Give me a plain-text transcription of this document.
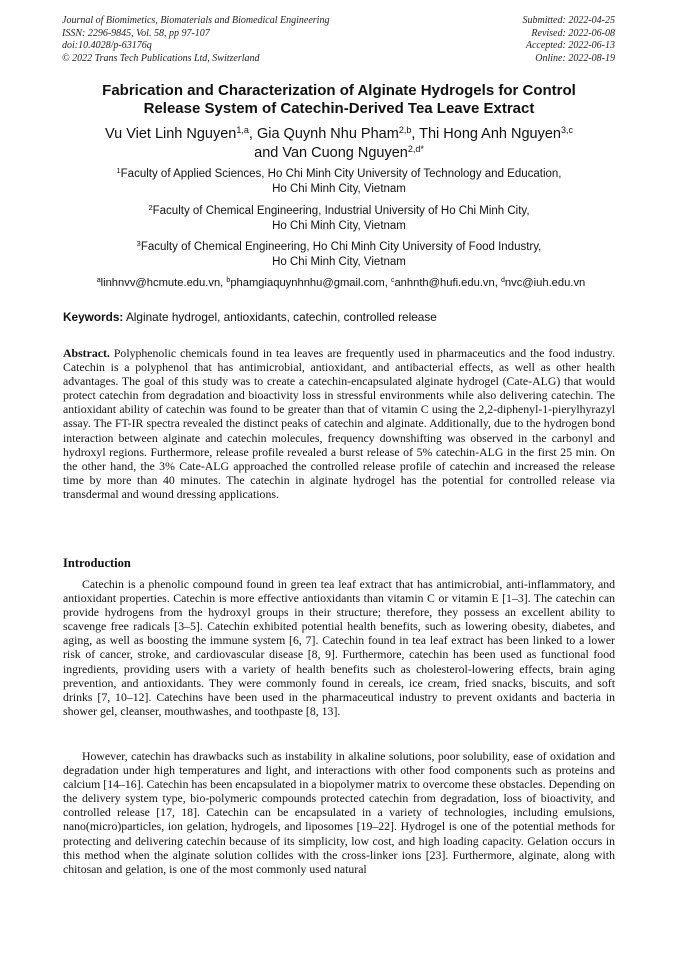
Journal of Biomimetics, Biomaterials and Biomedical Engineering
ISSN: 2296-9845, Vol. 58, pp 97-107
doi:10.4028/p-63176q
© 2022 Trans Tech Publications Ltd, Switzerland
Submitted: 2022-04-25
Revised: 2022-06-08
Accepted: 2022-06-13
Online: 2022-08-19
Fabrication and Characterization of Alginate Hydrogels for Control
Release System of Catechin-Derived Tea Leave Extract
Vu Viet Linh Nguyen$^{1,a}$, Gia Quynh Nhu Pham$^{2,b}$, Thi Hong Anh Nguyen$^{3,c}$
and Van Cuong Nguyen$^{2,d*}$
$^1$Faculty of Applied Sciences, Ho Chi Minh City University of Technology and Education,
Ho Chi Minh City, Vietnam
$^2$Faculty of Chemical Engineering, Industrial University of Ho Chi Minh City,
Ho Chi Minh City, Vietnam
$^3$Faculty of Chemical Engineering, Ho Chi Minh City University of Food Industry,
Ho Chi Minh City, Vietnam
$^a$linhnvv@hcmute.edu.vn, $^b$phamgiaquynhnhu@gmail.com, $^c$anhnth@hufi.edu.vn, $^d$nvc@iuh.edu.vn
Keywords: Alginate hydrogel, antioxidants, catechin, controlled release
Abstract. Polyphenolic chemicals found in tea leaves are frequently used in pharmaceutics and the food industry. Catechin is a polyphenol that has antimicrobial, antioxidant, and antibacterial effects, as well as other health advantages. The goal of this study was to create a catechin-encapsulated alginate hydrogel (Cate-ALG) that would protect catechin from degradation and bioactivity loss in stressful environments while also delivering catechin. The antioxidant ability of catechin was found to be greater than that of vitamin C using the 2,2-diphenyl-1-pierylhyrazyl assay. The FT-IR spectra revealed the distinct peaks of catechin and alginate. Additionally, due to the hydrogen bond interaction between alginate and catechin molecules, frequency downshifting was observed in the carbonyl and hydroxyl regions. Furthermore, release profile revealed a burst release of 5% catechin-ALG in the first 25 min. On the other hand, the 3% Cate-ALG approached the controlled release profile of catechin and increased the release time by more than 40 minutes. The catechin in alginate hydrogel has the potential for controlled release via transdermal and wound dressing applications.
Introduction

Catechin is a phenolic compound found in green tea leaf extract that has antimicrobial, anti-inflammatory, and antioxidant properties. Catechin is more effective antioxidants than vitamin C or vitamin E [1–3]. The catechin can provide hydrogens from the hydroxyl groups in their structure; therefore, they possess an excellent ability to scavenge free radicals [3–5]. Catechin exhibited potential health benefits, such as lowering obesity, diabetes, and aging, as well as boosting the immune system [6, 7]. Catechin found in tea leaf extract has been linked to a lower risk of cancer, stroke, and cardiovascular disease [8, 9]. Furthermore, catechin has been used as functional food ingredients, providing users with a variety of health benefits such as cholesterol-lowering effects, brain aging prevention, and antioxidants. They were commonly found in cereals, ice cream, fried snacks, biscuits, and soft drinks [7, 10–12]. Catechins have been used in the pharmaceutical industry to prevent oxidants and bacteria in shower gel, cleanser, mouthwashes, and toothpaste [8, 13].

However, catechin has drawbacks such as instability in alkaline solutions, poor solubility, ease of oxidation and degradation under high temperatures and light, and interactions with other food components such as proteins and calcium [14–16]. Catechin has been encapsulated in a biopolymer matrix to overcome these obstacles. Depending on the delivery system type, bio-polymeric compounds protected catechin from degradation, loss of bioactivity, and controlled release [17, 18]. Catechin can be encapsulated in a variety of technologies, including emulsions, nano(micro)particles, ion gelation, hydrogels, and liposomes [19–22]. Hydrogel is one of the potential methods for protecting and delivering catechin because of its simplicity, low cost, and high loading capacity. Gelation occurs in this method when the alginate solution collides with the cross-linker ions [23]. Furthermore, alginate, along with chitosan and gelation, is one of the most commonly used natural
